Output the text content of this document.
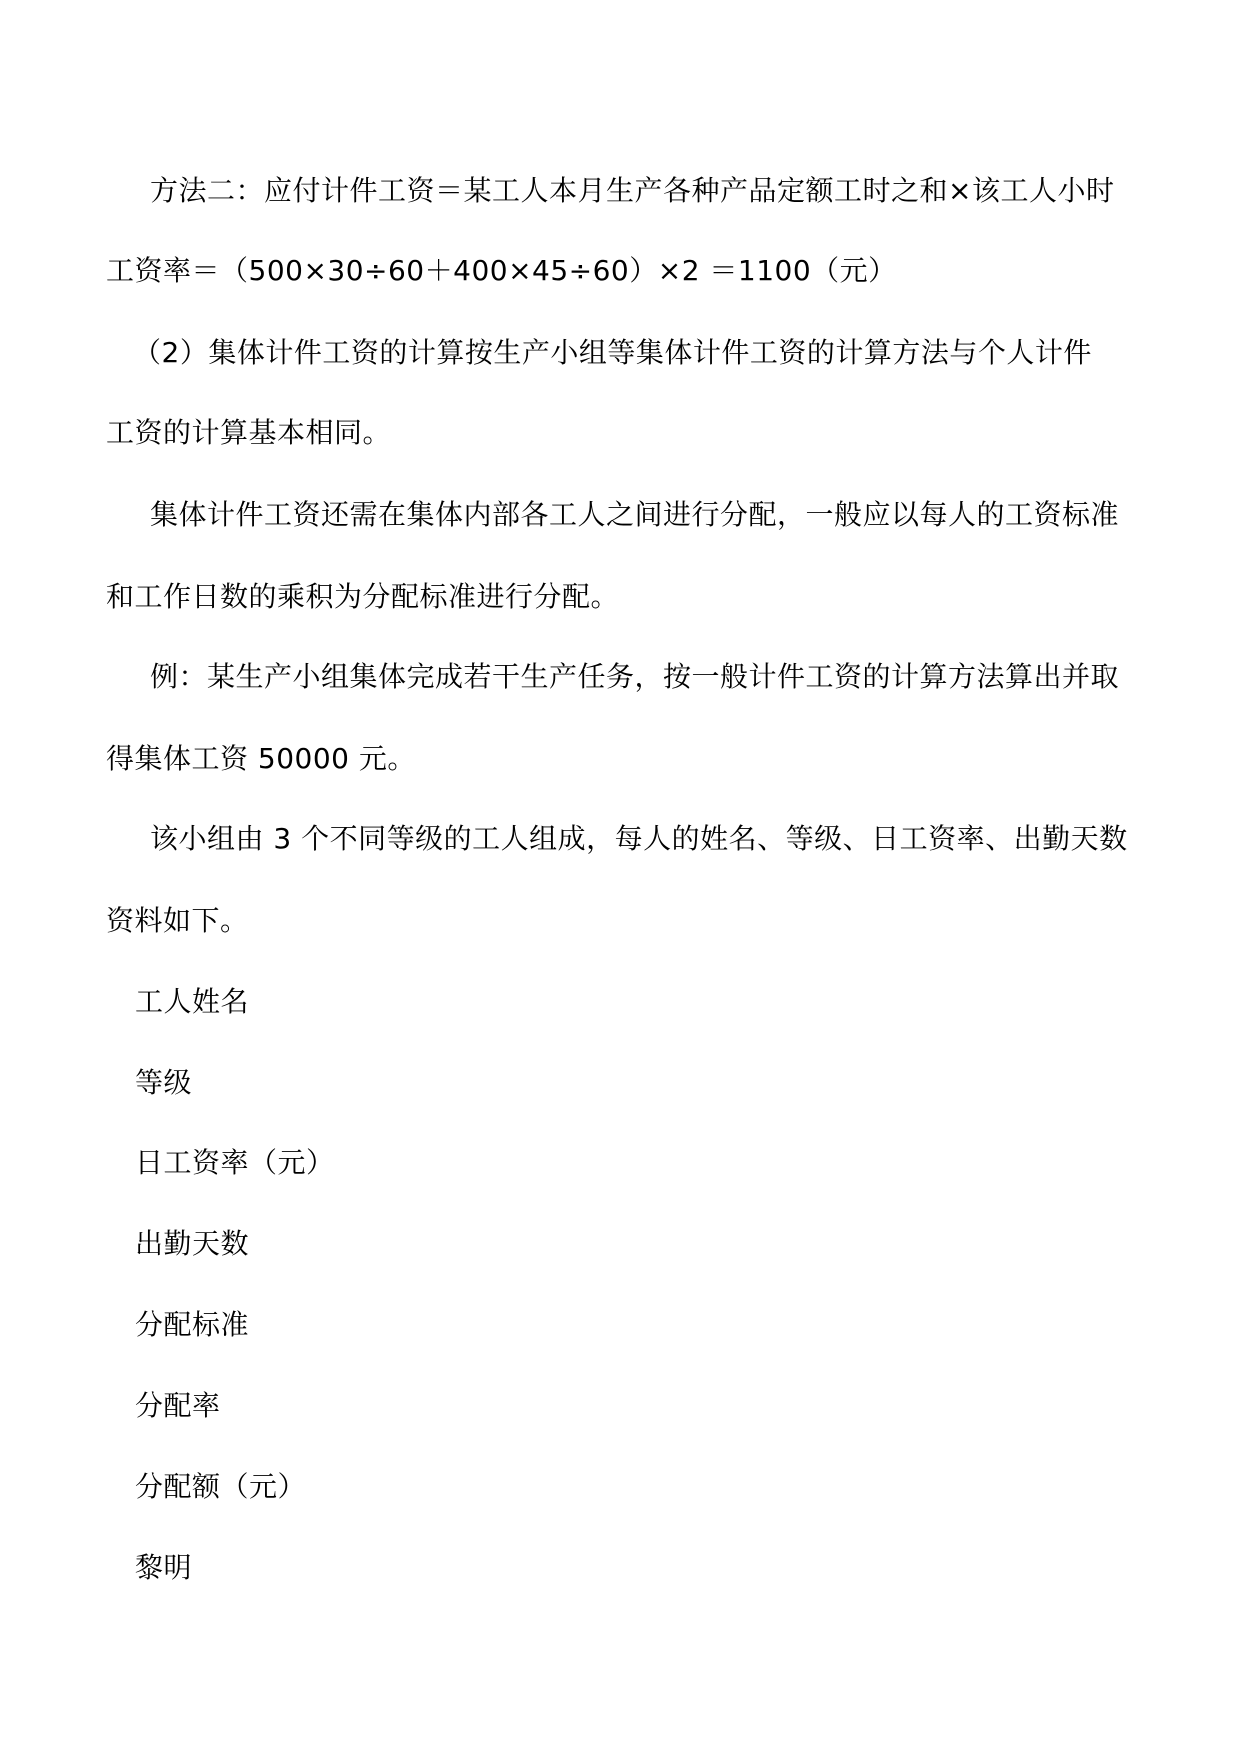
方法二：应付计件工资＝某工人本月生产各种产品定额工时之和×该工人小时
工资率＝（500×30÷60＋400×45÷60）×2 ＝1100（元）
（2）集体计件工资的计算按生产小组等集体计件工资的计算方法与个人计件
工资的计算基本相同。
集体计件工资还需在集体内部各工人之间进行分配，一般应以每人的工资标准
和工作日数的乘积为分配标准进行分配。
例：某生产小组集体完成若干生产任务，按一般计件工资的计算方法算出并取
得集体工资 50000 元。
该小组由 3 个不同等级的工人组成，每人的姓名、等级、日工资率、出勤天数
资料如下。
工人姓名
等级
日工资率（元）
出勤天数
分配标准
分配率
分配额（元）
黎明
